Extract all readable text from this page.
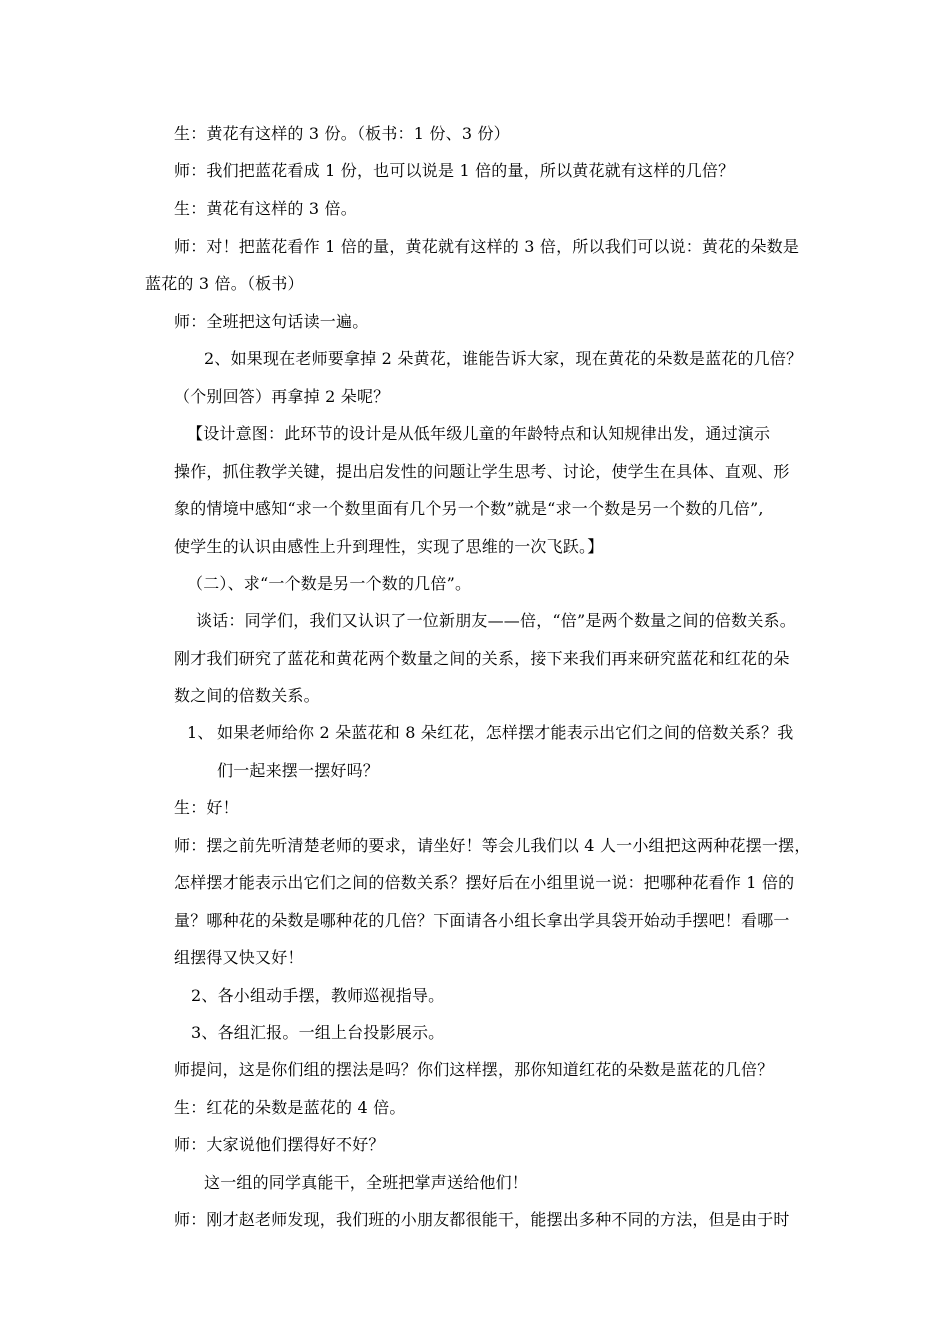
生：黄花有这样的 3 份。（板书：1 份、3 份）
师：我们把蓝花看成 1 份，也可以说是 1 倍的量，所以黄花就有这样的几倍？
生：黄花有这样的 3 倍。
师：对！把蓝花看作 1 倍的量，黄花就有这样的 3 倍，所以我们可以说：黄花的朵数是
蓝花的 3 倍。（板书）
师：全班把这句话读一遍。
2、如果现在老师要拿掉 2 朵黄花，谁能告诉大家，现在黄花的朵数是蓝花的几倍？
（个别回答）再拿掉 2 朵呢？
【设计意图：此环节的设计是从低年级儿童的年龄特点和认知规律出发，通过演示
操作，抓住教学关键，提出启发性的问题让学生思考、讨论，使学生在具体、直观、形
象的情境中感知“求一个数里面有几个另一个数”就是“求一个数是另一个数的几倍”,
使学生的认识由感性上升到理性，实现了思维的一次飞跃。】
（二）、求“一个数是另一个数的几倍”。
谈话：同学们，我们又认识了一位新朋友——倍，“倍”是两个数量之间的倍数关系。
刚才我们研究了蓝花和黄花两个数量之间的关系，接下来我们再来研究蓝花和红花的朵
数之间的倍数关系。
1、 如果老师给你 2 朵蓝花和 8 朵红花，怎样摆才能表示出它们之间的倍数关系？我
们一起来摆一摆好吗？
生：好！
师：摆之前先听清楚老师的要求，请坐好！等会儿我们以 4 人一小组把这两种花摆一摆，
怎样摆才能表示出它们之间的倍数关系？摆好后在小组里说一说：把哪种花看作 1 倍的
量？哪种花的朵数是哪种花的几倍？下面请各小组长拿出学具袋开始动手摆吧！看哪一
组摆得又快又好！
2、各小组动手摆，教师巡视指导。
3、各组汇报。一组上台投影展示。
师提问，这是你们组的摆法是吗？你们这样摆，那你知道红花的朵数是蓝花的几倍？
生：红花的朵数是蓝花的 4 倍。
师：大家说他们摆得好不好？
这一组的同学真能干，全班把掌声送给他们！
师：刚才赵老师发现，我们班的小朋友都很能干，能摆出多种不同的方法，但是由于时
